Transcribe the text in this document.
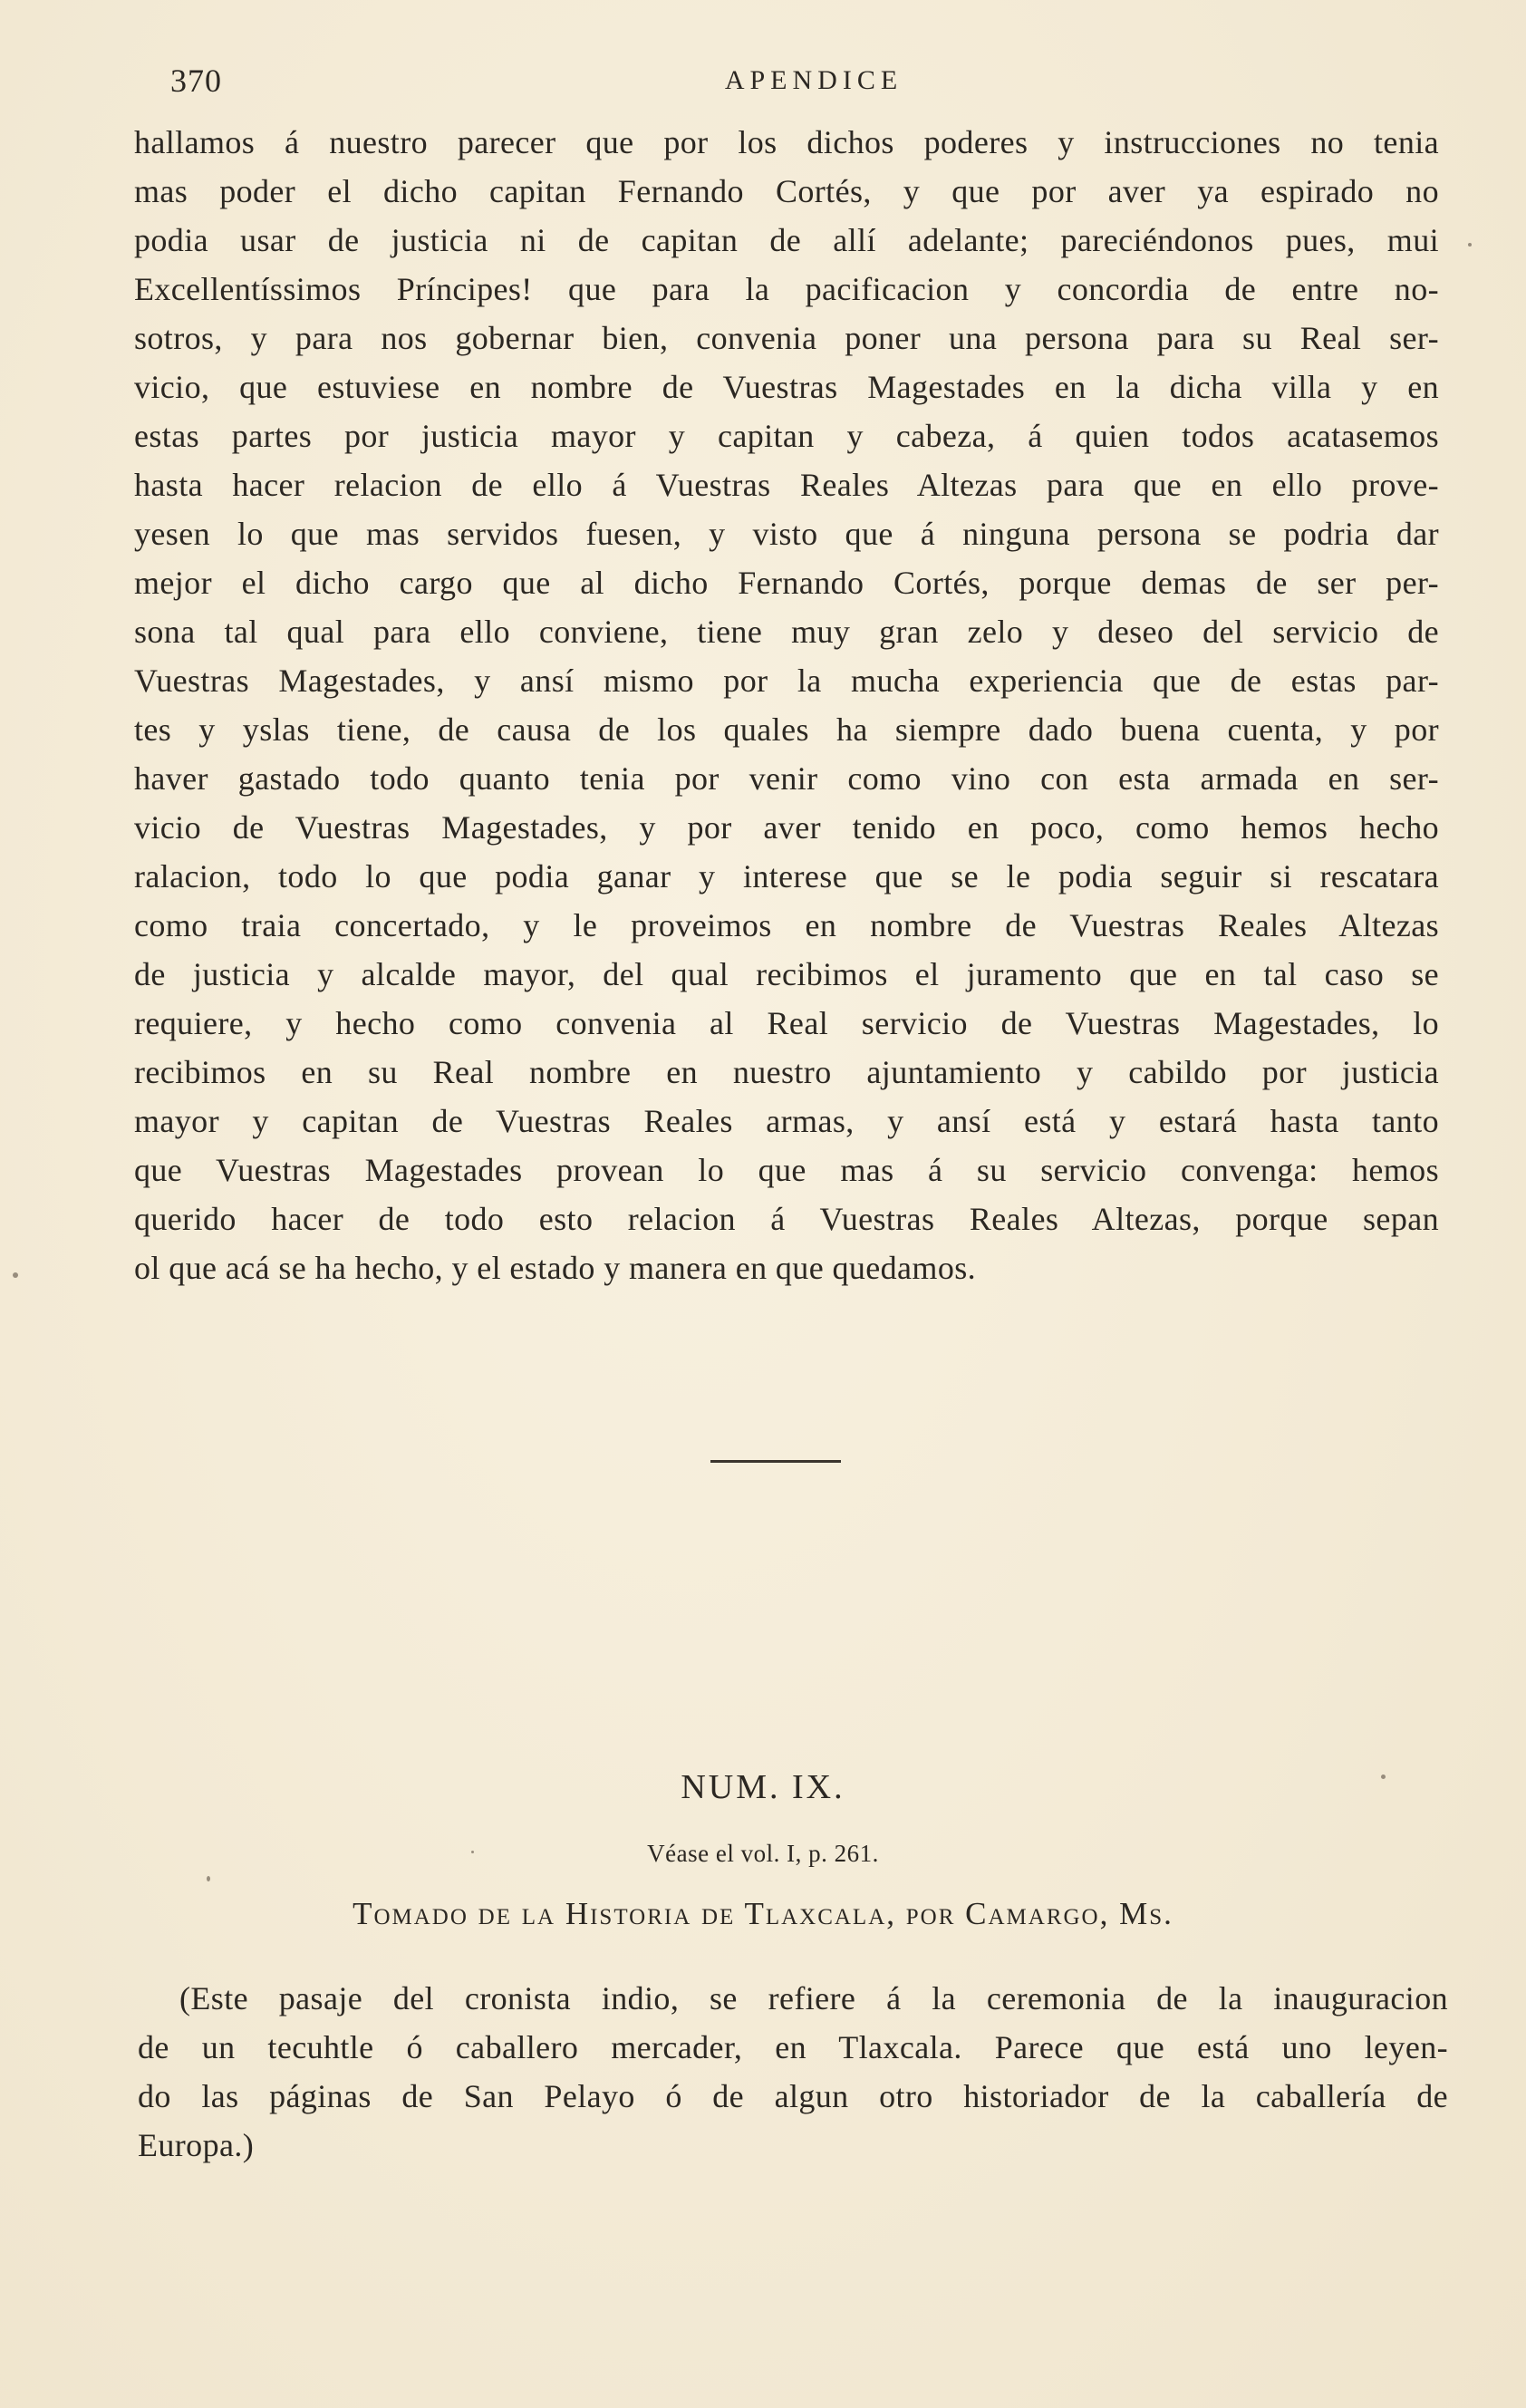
370	APENDICE
hallamos á nuestro parecer que por los dichos poderes y instrucciones no tenia
mas poder el dicho capitan Fernando Cortés, y que por aver ya espirado no
podia usar de justicia ni de capitan de allí adelante; pareciéndonos pues, mui
Excellentíssimos Príncipes! que para la pacificacion y concordia de entre no-
sotros, y para nos gobernar bien, convenia poner una persona para su Real ser-
vicio, que estuviese en nombre de Vuestras Magestades en la dicha villa y en
estas partes por justicia mayor y capitan y cabeza, á quien todos acatasemos
hasta hacer relacion de ello á Vuestras Reales Altezas para que en ello prove-
yesen lo que mas servidos fuesen, y visto que á ninguna persona se podria dar
mejor el dicho cargo que al dicho Fernando Cortés, porque demas de ser per-
sona tal qual para ello conviene, tiene muy gran zelo y deseo del servicio de
Vuestras Magestades, y ansí mismo por la mucha experiencia que de estas par-
tes y yslas tiene, de causa de los quales ha siempre dado buena cuenta, y por
haver gastado todo quanto tenia por venir como vino con esta armada en ser-
vicio de Vuestras Magestades, y por aver tenido en poco, como hemos hecho
ralacion, todo lo que podia ganar y interese que se le podia seguir si rescatara
como traia concertado, y le proveimos en nombre de Vuestras Reales Altezas
de justicia y alcalde mayor, del qual recibimos el juramento que en tal caso se
requiere, y hecho como convenia al Real servicio de Vuestras Magestades, lo
recibimos en su Real nombre en nuestro ajuntamiento y cabildo por justicia
mayor y capitan de Vuestras Reales armas, y ansí está y estará hasta tanto
que Vuestras Magestades provean lo que mas á su servicio convenga: hemos
querido hacer de todo esto relacion á Vuestras Reales Altezas, porque sepan
ol que acá se ha hecho, y el estado y manera en que quedamos.
NUM. IX.
Véase el vol. I, p. 261.
Tomado de la Historia de Tlaxcala, por Camargo, Ms.
(Este pasaje del cronista indio, se refiere á la ceremonia de la inauguracion
de un tecuhtle ó caballero mercader, en Tlaxcala. Parece que está uno leyen-
do las páginas de San Pelayo ó de algun otro historiador de la caballería de
Europa.)
